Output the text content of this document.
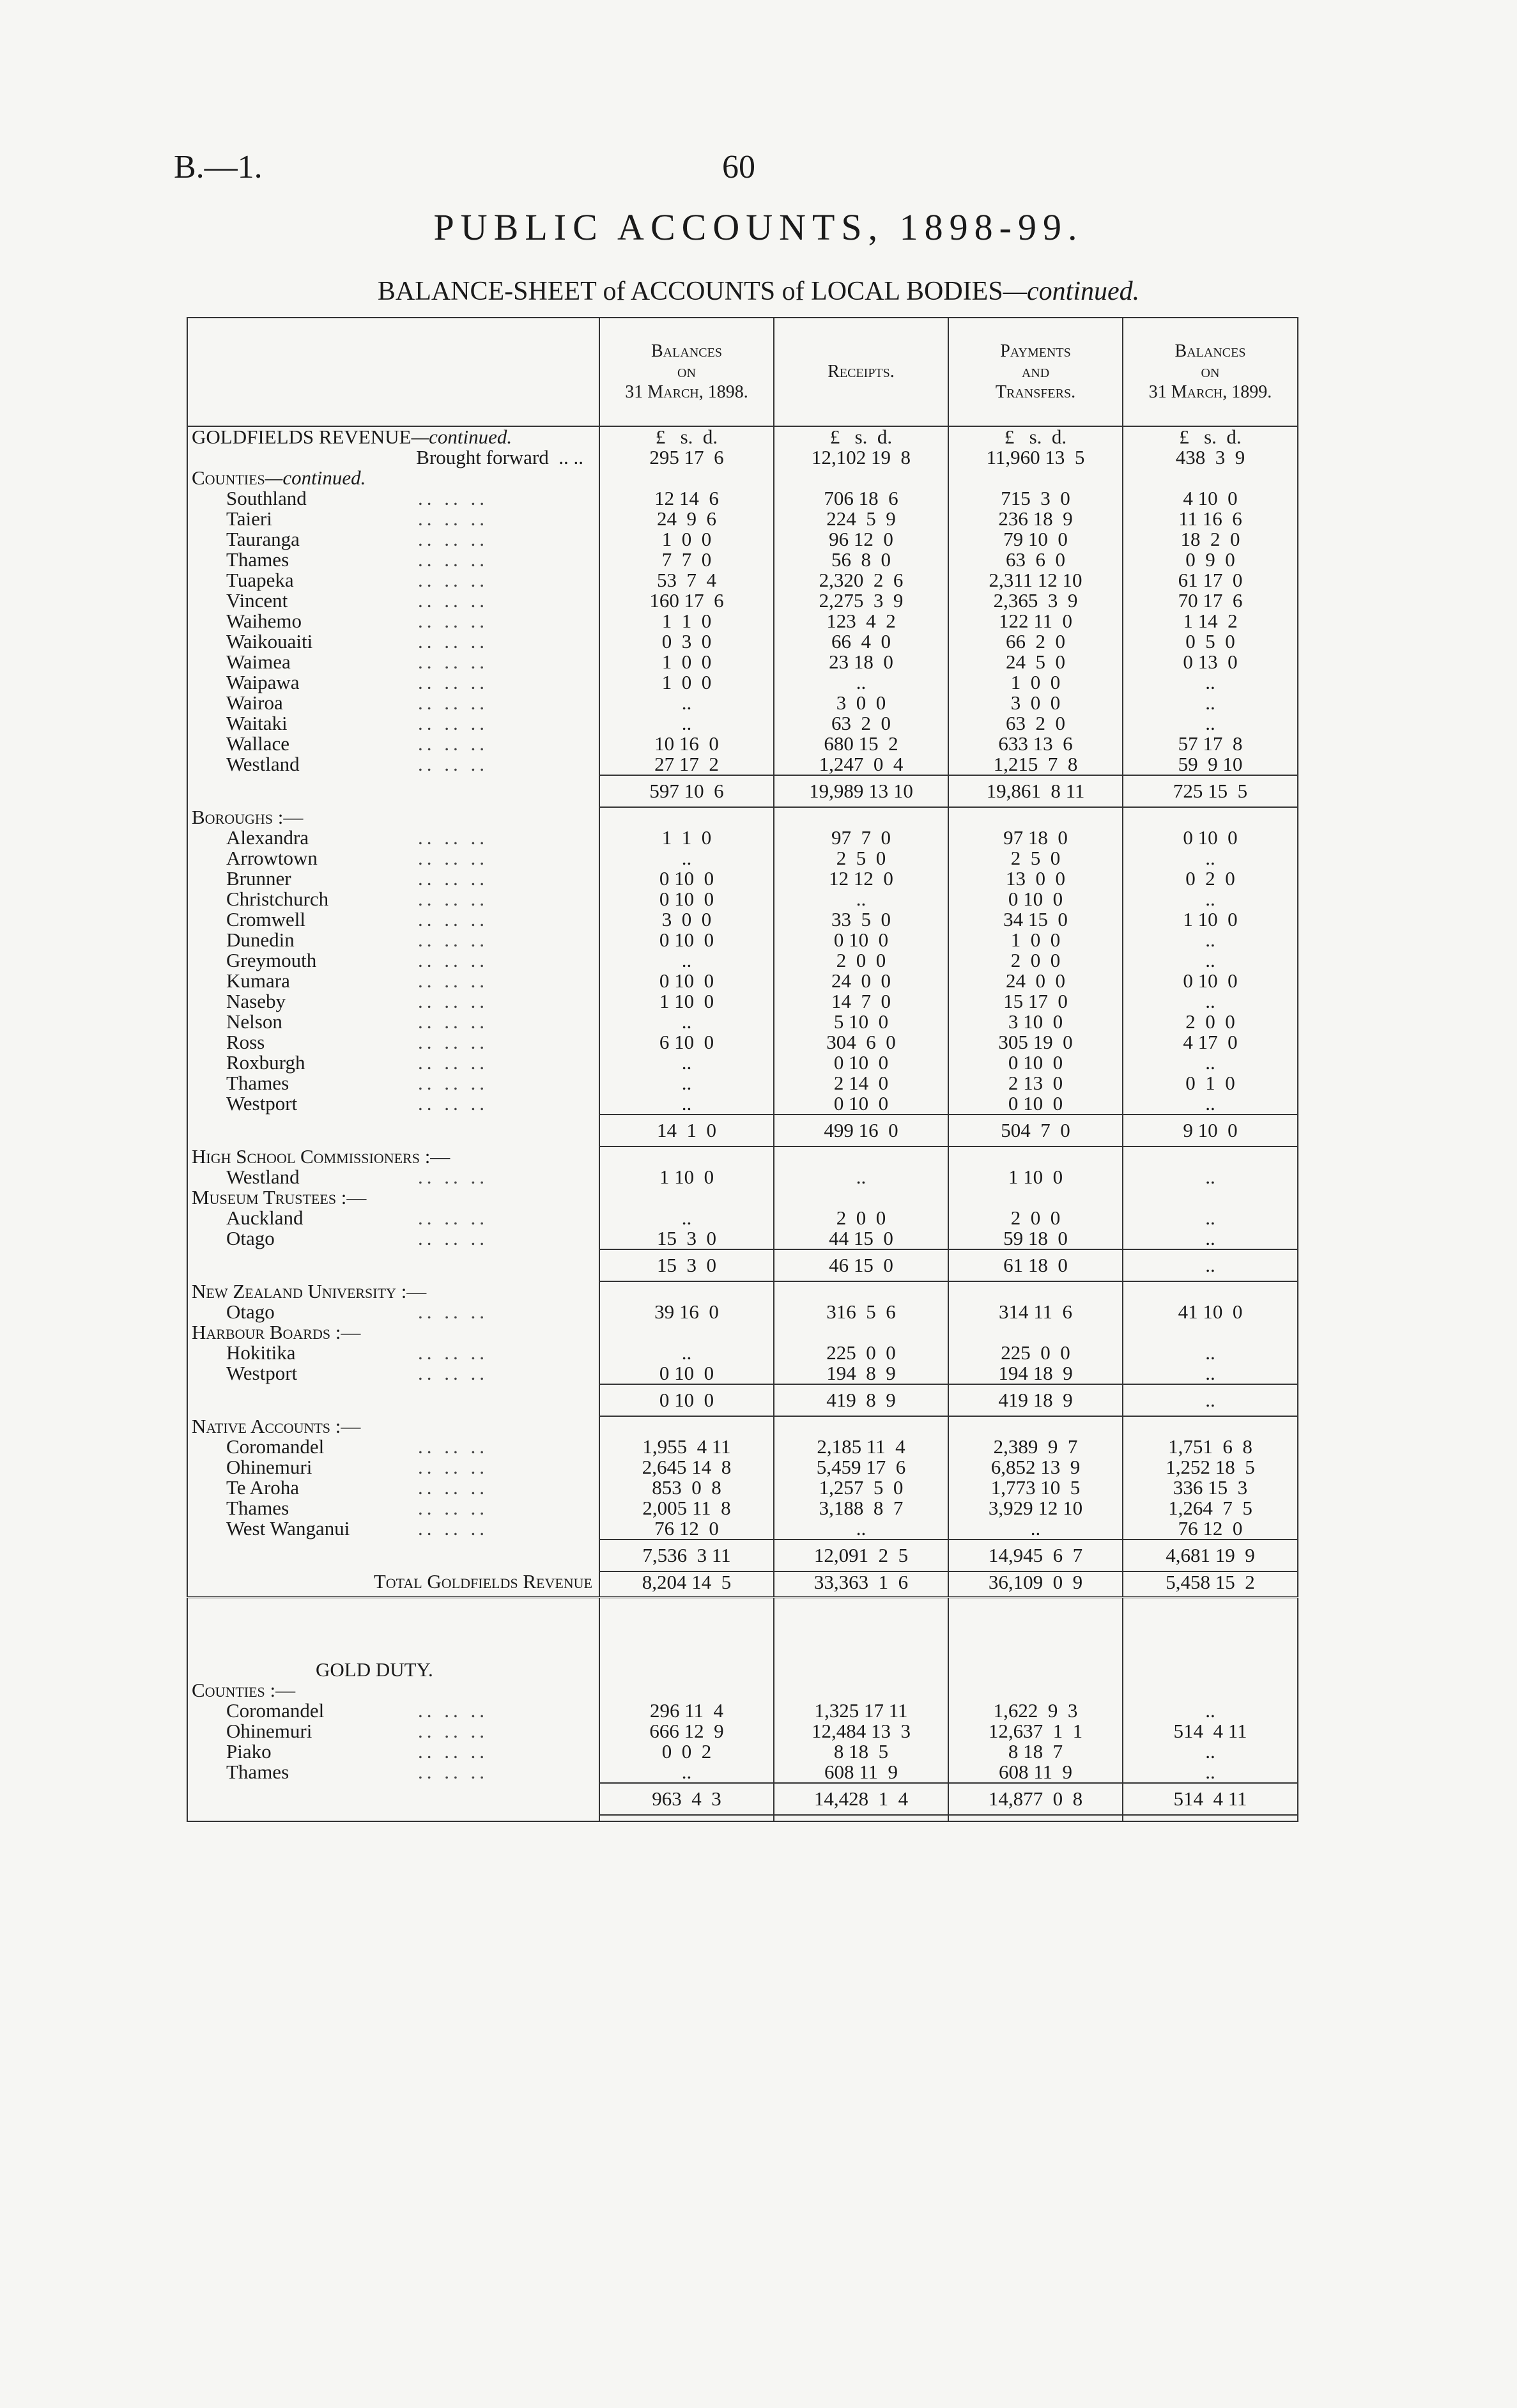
B.—1.	60
PUBLIC ACCOUNTS, 1898-99.
BALANCE-SHEET of ACCOUNTS of LOCAL BODIES—continued.
	Balances
on
31 March, 1898.	Receipts.	Payments
and
Transfers.	Balances
on
31 March, 1899.
GOLDFIELDS REVENUE—continued.	£   s.  d.	£   s.  d.	£   s.  d.	£   s.  d.
Brought forward .. ..	295 17  6	12,102 19  8	11,960 13  5	438  3  9
Counties—continued.				
Southland .. .. ..	12 14  6	706 18  6	715  3  0	4 10  0
Taieri .. .. ..	24  9  6	224  5  9	236 18  9	11 16  6
Tauranga .. .. ..	1  0  0	96 12  0	79 10  0	18  2  0
Thames .. .. ..	7  7  0	56  8  0	63  6  0	0  9  0
Tuapeka .. .. ..	53  7  4	2,320  2  6	2,311 12 10	61 17  0
Vincent .. .. ..	160 17  6	2,275  3  9	2,365  3  9	70 17  6
Waihemo .. .. ..	1  1  0	123  4  2	122 11  0	1 14  2
Waikouaiti .. .. ..	0  3  0	66  4  0	66  2  0	0  5  0
Waimea .. .. ..	1  0  0	23 18  0	24  5  0	0 13  0
Waipawa .. .. ..	1  0  0	..	1  0  0	..
Wairoa .. .. ..	..	3  0  0	3  0  0	..
Waitaki .. .. ..	..	63  2  0	63  2  0	..
Wallace .. .. ..	10 16  0	680 15  2	633 13  6	57 17  8
Westland .. .. ..	27 17  2	1,247  0  4	1,215  7  8	59  9 10
	597 10  6	19,989 13 10	19,861  8 11	725 15  5
Boroughs :—				
Alexandra .. .. ..	1  1  0	97  7  0	97 18  0	0 10  0
Arrowtown .. .. ..	..	2  5  0	2  5  0	..
Brunner .. .. ..	0 10  0	12 12  0	13  0  0	0  2  0
Christchurch .. .. ..	0 10  0	..	0 10  0	..
Cromwell .. .. ..	3  0  0	33  5  0	34 15  0	1 10  0
Dunedin .. .. ..	0 10  0	0 10  0	1  0  0	..
Greymouth .. .. ..	..	2  0  0	2  0  0	..
Kumara .. .. ..	0 10  0	24  0  0	24  0  0	0 10  0
Naseby .. .. ..	1 10  0	14  7  0	15 17  0	..
Nelson .. .. ..	..	5 10  0	3 10  0	2  0  0
Ross .. .. ..	6 10  0	304  6  0	305 19  0	4 17  0
Roxburgh .. .. ..	..	0 10  0	0 10  0	..
Thames .. .. ..	..	2 14  0	2 13  0	0  1  0
Westport .. .. ..	..	0 10  0	0 10  0	..
	14  1  0	499 16  0	504  7  0	9 10  0
High School Commissioners :—				
Westland .. .. ..	1 10  0	..	1 10  0	..
Museum Trustees :—				
Auckland .. .. ..	..	2  0  0	2  0  0	..
Otago .. .. ..	15  3  0	44 15  0	59 18  0	..
	15  3  0	46 15  0	61 18  0	..
New Zealand University :—				
Otago .. .. ..	39 16  0	316  5  6	314 11  6	41 10  0
Harbour Boards :—				
Hokitika .. .. ..	..	225  0  0	225  0  0	..
Westport .. .. ..	0 10  0	194  8  9	194 18  9	..
	0 10  0	419  8  9	419 18  9	..
Native Accounts :—				
Coromandel .. .. ..	1,955  4 11	2,185 11  4	2,389  9  7	1,751  6  8
Ohinemuri .. .. ..	2,645 14  8	5,459 17  6	6,852 13  9	1,252 18  5
Te Aroha .. .. ..	853  0  8	1,257  5  0	1,773 10  5	336 15  3
Thames .. .. ..	2,005 11  8	3,188  8  7	3,929 12 10	1,264  7  5
West Wanganui .. .. ..	76 12  0	..	..	76 12  0
	7,536  3 11	12,091  2  5	14,945  6  7	4,681 19  9
Total Goldfields Revenue	8,204 14  5	33,363  1  6	36,109  0  9	5,458 15  2

GOLD DUTY.				
Counties :—				
Coromandel .. .. ..	296 11  4	1,325 17 11	1,622  9  3	..
Ohinemuri .. .. ..	666 12  9	12,484 13  3	12,637  1  1	514  4 11
Piako .. .. ..	0  0  2	8 18  5	8 18  7	..
Thames .. .. ..	..	608 11  9	608 11  9	..
	963  4  3	14,428  1  4	14,877  0  8	514  4 11
